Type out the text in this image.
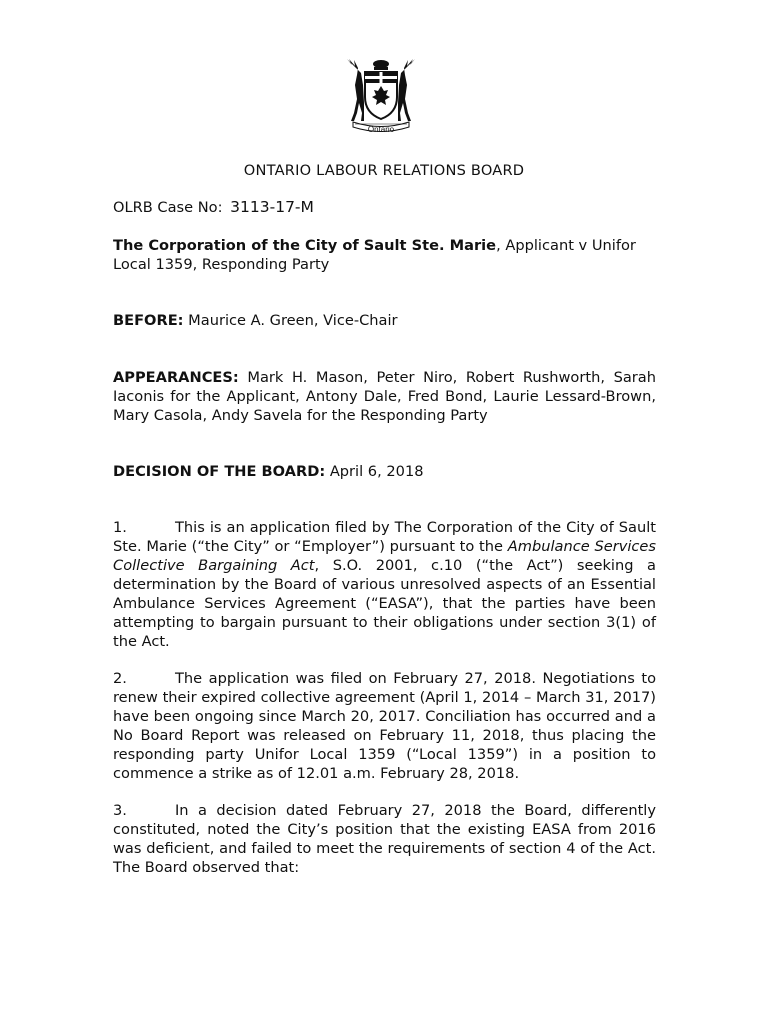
Ontario
ONTARIO LABOUR RELATIONS BOARD
OLRB Case No: 3113-17-M
The Corporation of the City of Sault Ste. Marie, Applicant v Unifor Local 1359, Responding Party
BEFORE: Maurice A. Green, Vice-Chair
APPEARANCES: Mark H. Mason, Peter Niro, Robert Rushworth, Sarah Iaconis for the Applicant, Antony Dale, Fred Bond, Laurie Lessard-Brown, Mary Casola, Andy Savela for the Responding Party
DECISION OF THE BOARD: April 6, 2018
1.	This is an application filed by The Corporation of the City of Sault Ste. Marie (“the City” or “Employer”) pursuant to the Ambulance Services Collective Bargaining Act, S.O. 2001, c.10 (“the Act”) seeking a determination by the Board of various unresolved aspects of an Essential Ambulance Services Agreement (“EASA”), that the parties have been attempting to bargain pursuant to their obligations under section 3(1) of the Act.
2.	The application was filed on February 27, 2018. Negotiations to renew their expired collective agreement (April 1, 2014 – March 31, 2017) have been ongoing since March 20, 2017. Conciliation has occurred and a No Board Report was released on February 11, 2018, thus placing the responding party Unifor Local 1359 (“Local 1359”) in a position to commence a strike as of 12.01 a.m. February 28, 2018.
3.	In a decision dated February 27, 2018 the Board, differently constituted, noted the City’s position that the existing EASA from 2016 was deficient, and failed to meet the requirements of section 4 of the Act. The Board observed that:
